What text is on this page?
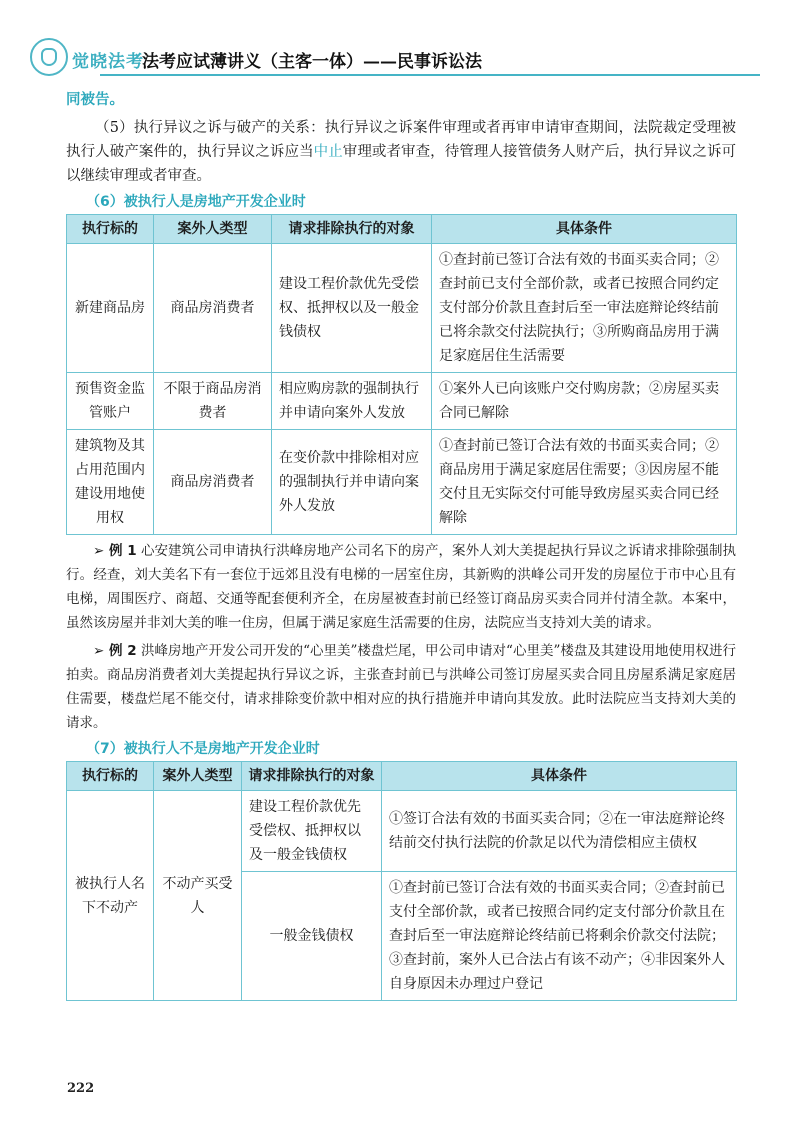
觉晓法考
法考应试薄讲义（主客一体）——民事诉讼法

同被告。

（5）执行异议之诉与破产的关系：执行异议之诉案件审理或者再审申请审查期间，法院裁定受理被执行人破产案件的，执行异议之诉应当中止审理或者审查，待管理人接管债务人财产后，执行异议之诉可以继续审理或者审查。

（6）被执行人是房地产开发企业时
执行标的	案外人类型	请求排除执行的对象	具体条件
新建商品房	商品房消费者	建设工程价款优先受偿权、抵押权以及一般金钱债权	①查封前已签订合法有效的书面买卖合同；②查封前已支付全部价款，或者已按照合同约定支付部分价款且查封后至一审法庭辩论终结前已将余款交付法院执行；③所购商品房用于满足家庭居住生活需要
预售资金监管账户	不限于商品房消费者	相应购房款的强制执行并申请向案外人发放	①案外人已向该账户交付购房款；②房屋买卖合同已解除
建筑物及其占用范围内建设用地使用权	商品房消费者	在变价款中排除相对应的强制执行并申请向案外人发放	①查封前已签订合法有效的书面买卖合同；②商品房用于满足家庭居住需要；③因房屋不能交付且无实际交付可能导致房屋买卖合同已经解除

➢ 例 1 心安建筑公司申请执行洪峰房地产公司名下的房产，案外人刘大美提起执行异议之诉请求排除强制执行。经查，刘大美名下有一套位于远郊且没有电梯的一居室住房，其新购的洪峰公司开发的房屋位于市中心且有电梯，周围医疗、商超、交通等配套便利齐全，在房屋被查封前已经签订商品房买卖合同并付清全款。本案中，虽然该房屋并非刘大美的唯一住房，但属于满足家庭生活需要的住房，法院应当支持刘大美的请求。

➢ 例 2 洪峰房地产开发公司开发的“心里美”楼盘烂尾，甲公司申请对“心里美”楼盘及其建设用地使用权进行拍卖。商品房消费者刘大美提起执行异议之诉，主张查封前已与洪峰公司签订房屋买卖合同且房屋系满足家庭居住需要，楼盘烂尾不能交付，请求排除变价款中相对应的执行措施并申请向其发放。此时法院应当支持刘大美的请求。

（7）被执行人不是房地产开发企业时
执行标的	案外人类型	请求排除执行的对象	具体条件
被执行人名下不动产	不动产买受人	建设工程价款优先受偿权、抵押权以及一般金钱债权	①签订合法有效的书面买卖合同；②在一审法庭辩论终结前交付执行法院的价款足以代为清偿相应主债权
		一般金钱债权	①查封前已签订合法有效的书面买卖合同；②查封前已支付全部价款，或者已按照合同约定支付部分价款且在查封后至一审法庭辩论终结前已将剩余价款交付法院；③查封前，案外人已合法占有该不动产；④非因案外人自身原因未办理过户登记
222
